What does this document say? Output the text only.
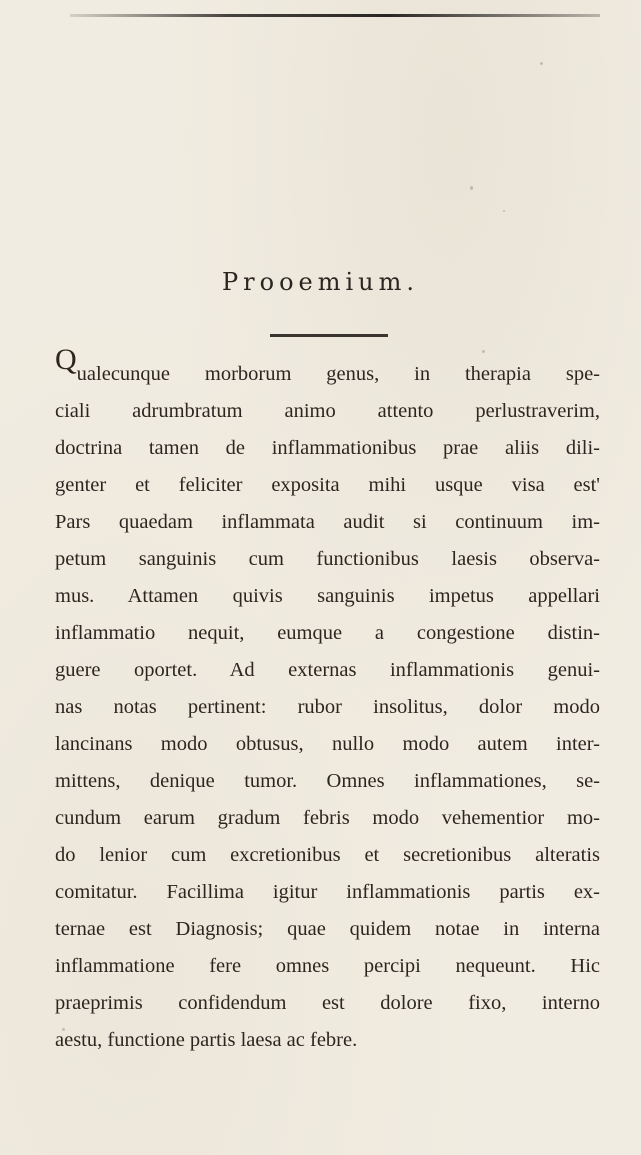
Prooemium.
Qualecunque morborum genus, in therapia spe-
ciali adrumbratum animo attento perlustraverim,
doctrina tamen de inflammationibus prae aliis dili-
genter et feliciter exposita mihi usque visa est'
Pars quaedam inflammata audit si continuum im-
petum sanguinis cum functionibus laesis observa-
mus. Attamen quivis sanguinis impetus appellari
inflammatio nequit, eumque a congestione distin-
guere oportet. Ad externas inflammationis genui-
nas notas pertinent: rubor insolitus, dolor modo
lancinans modo obtusus, nullo modo autem inter-
mittens, denique tumor. Omnes inflammationes, se-
cundum earum gradum febris modo vehementior mo-
do lenior cum excretionibus et secretionibus alteratis
comitatur. Facillima igitur inflammationis partis ex-
ternae est Diagnosis; quae quidem notae in interna
inflammatione fere omnes percipi nequeunt. Hic
praeprimis confidendum est dolore fixo, interno
aestu, functione partis laesa ac febre.
